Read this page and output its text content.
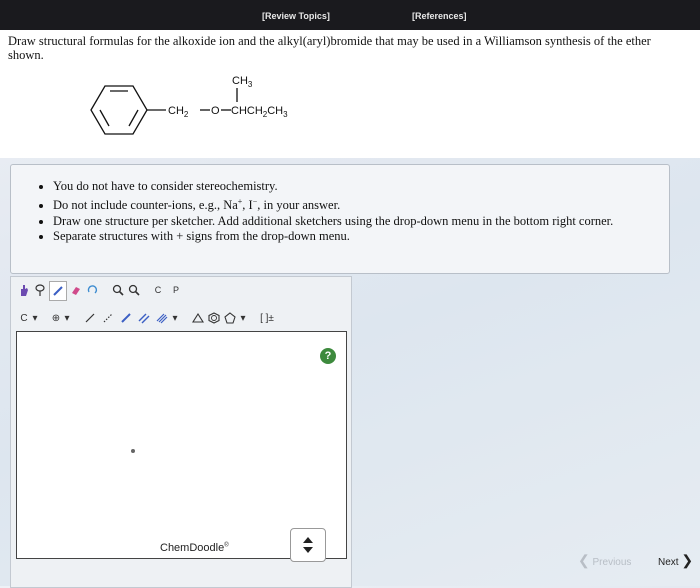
[Review Topics]	[References]
Draw structural formulas for the alkoxide ion and the alkyl(aryl)bromide that may be used in a Williamson synthesis of the ether shown.
$CH_3$
$CH_2$ O $CHCH_2CH_3$
• You do not have to consider stereochemistry.
• Do not include counter-ions, e.g., Na+, I−, in your answer.
• Draw one structure per sketcher. Add additional sketchers using the drop-down menu in the bottom right corner.
• Separate structures with + signs from the drop-down menu.
C P
C ▾ ⊕ ▾	▾	▾	[ ]±
?
ChemDoodle®
❮ Previous	Next ❯
